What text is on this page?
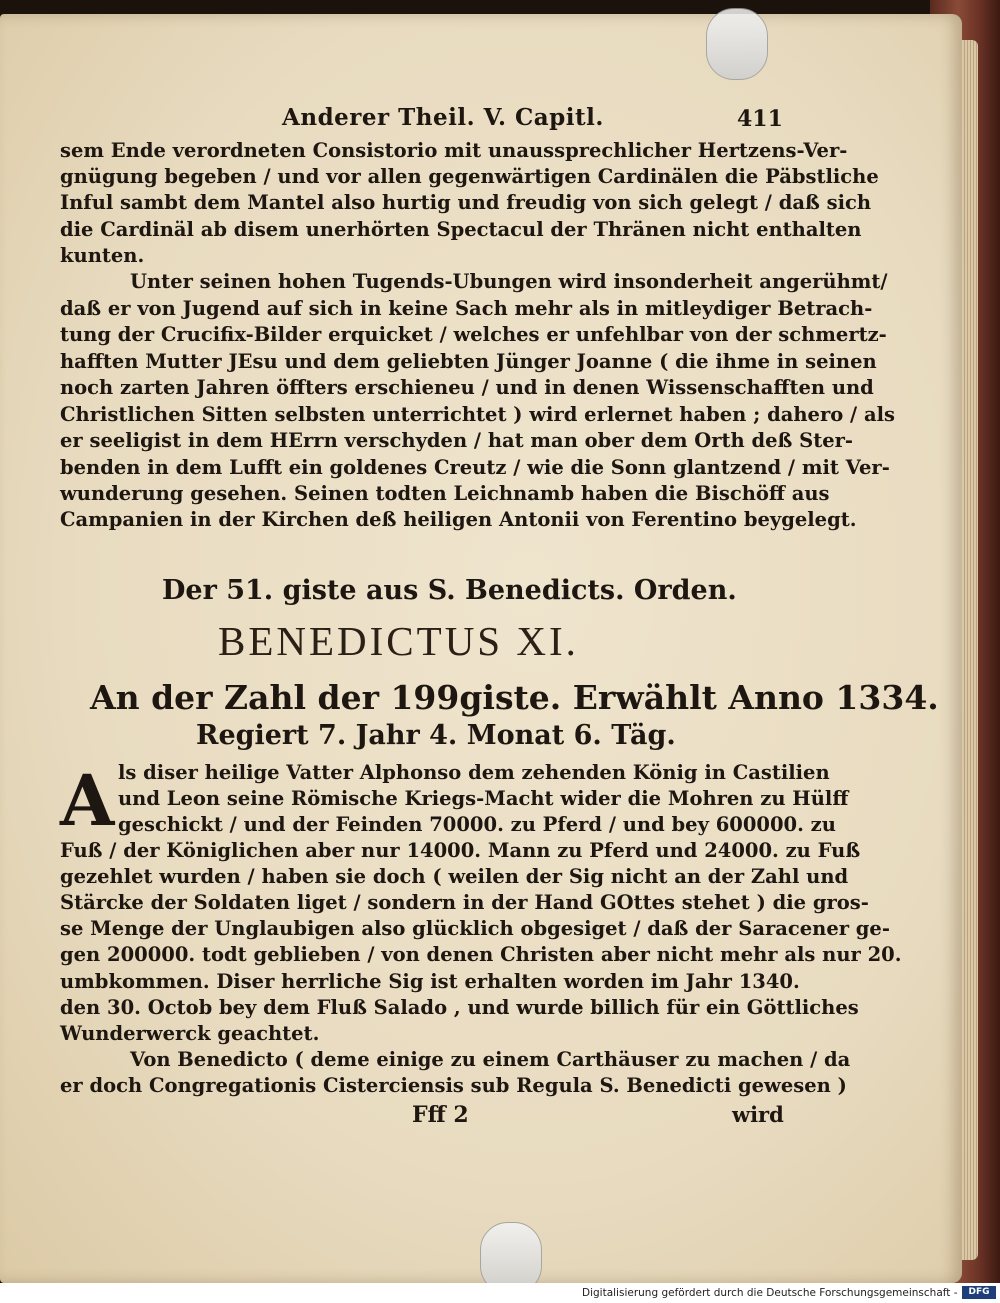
Anderer Theil. V. Capitl.	411
sem Ende verordneten Consistorio mit unaussprechlicher Hertzens-Ver-
gnügung begeben / und vor allen gegenwärtigen Cardinälen die Päbstliche
Inful sambt dem Mantel also hurtig und freudig von sich gelegt / daß sich
die Cardinäl ab disem unerhörten Spectacul der Thränen nicht enthalten
kunten.
Unter seinen hohen Tugends-Ubungen wird insonderheit angerühmt/
daß er von Jugend auf sich in keine Sach mehr als in mitleydiger Betrach-
tung der Crucifix-Bilder erquicket / welches er unfehlbar von der schmertz-
hafften Mutter JEsu und dem geliebten Jünger Joanne ( die ihme in seinen
noch zarten Jahren öffters erschieneu / und in denen Wissenschafften und
Christlichen Sitten selbsten unterrichtet ) wird erlernet haben ; dahero / als
er seeligist in dem HErrn verschyden / hat man ober dem Orth deß Ster-
benden in dem Lufft ein goldenes Creutz / wie die Sonn glantzend / mit Ver-
wunderung gesehen. Seinen todten Leichnamb haben die Bischöff aus
Campanien in der Kirchen deß heiligen Antonii von Ferentino beygelegt.
Der 51. giste aus S. Benedicts. Orden.
BENEDICTUS XI.
An der Zahl der 199giste. Erwählt Anno 1334.
Regiert 7. Jahr 4. Monat 6. Täg.
A ls diser heilige Vatter Alphonso dem zehenden König in Castilien
und Leon seine Römische Kriegs-Macht wider die Mohren zu Hülff
geschickt / und der Feinden 70000. zu Pferd / und bey 600000. zu
Fuß / der Königlichen aber nur 14000. Mann zu Pferd und 24000. zu Fuß
gezehlet wurden / haben sie doch ( weilen der Sig nicht an der Zahl und
Stärcke der Soldaten liget / sondern in der Hand GOttes stehet ) die gros-
se Menge der Unglaubigen also glücklich obgesiget / daß der Saracener ge-
gen 200000. todt geblieben / von denen Christen aber nicht mehr als nur 20.
umbkommen. Diser herrliche Sig ist erhalten worden im Jahr 1340.
den 30. Octob bey dem Fluß Salado , und wurde billich für ein Göttliches
Wunderwerck geachtet.
Von Benedicto ( deme einige zu einem Carthäuser zu machen / da
er doch Congregationis Cisterciensis sub Regula S. Benedicti gewesen )
Fff 2	wird
Digitalisierung gefördert durch die Deutsche Forschungsgemeinschaft -	DFG
